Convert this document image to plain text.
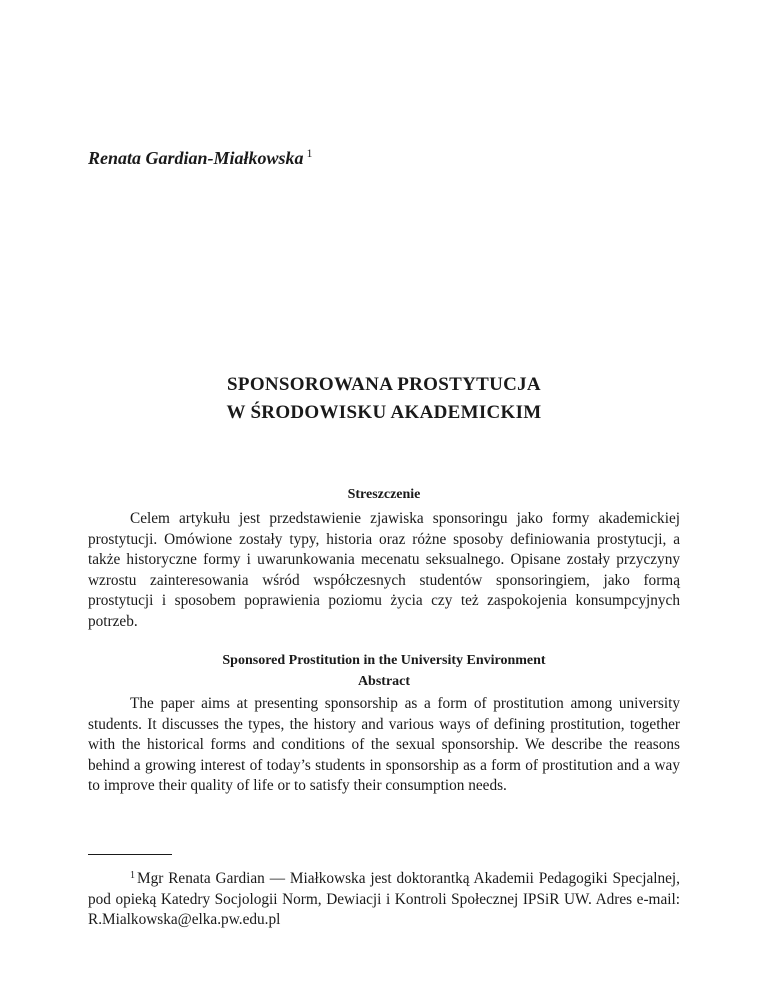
Renata Gardian-Miałkowska $^1$
SPONSOROWANA PROSTYTUCJA
W ŚRODOWISKU AKADEMICKIM
Streszczenie
Celem artykułu jest przedstawienie zjawiska sponsoringu jako formy akademickiej prostytucji. Omówione zostały typy, historia oraz różne sposoby definiowania prostytucji, a także historyczne formy i uwarunkowania mecenatu seksualnego. Opisane zostały przyczyny wzrostu zainteresowania wśród współczesnych studentów sponsoringiem, jako formą prostytucji i sposobem poprawienia poziomu życia czy też zaspokojenia konsumpcyjnych potrzeb.
Sponsored Prostitution in the University Environment
Abstract
The paper aims at presenting sponsorship as a form of prostitution among university students. It discusses the types, the history and various ways of defining prostitution, together with the historical forms and conditions of the sexual sponsorship. We describe the reasons behind a growing interest of today’s students in sponsorship as a form of prostitution and a way to improve their quality of life or to satisfy their consumption needs.
$^1$ Mgr Renata Gardian — Miałkowska jest doktorantką Akademii Pedagogiki Specjalnej, pod opieką Katedry Socjologii Norm, Dewiacji i Kontroli Społecznej IPSiR UW. Adres e-mail: R.Mialkowska@elka.pw.edu.pl
